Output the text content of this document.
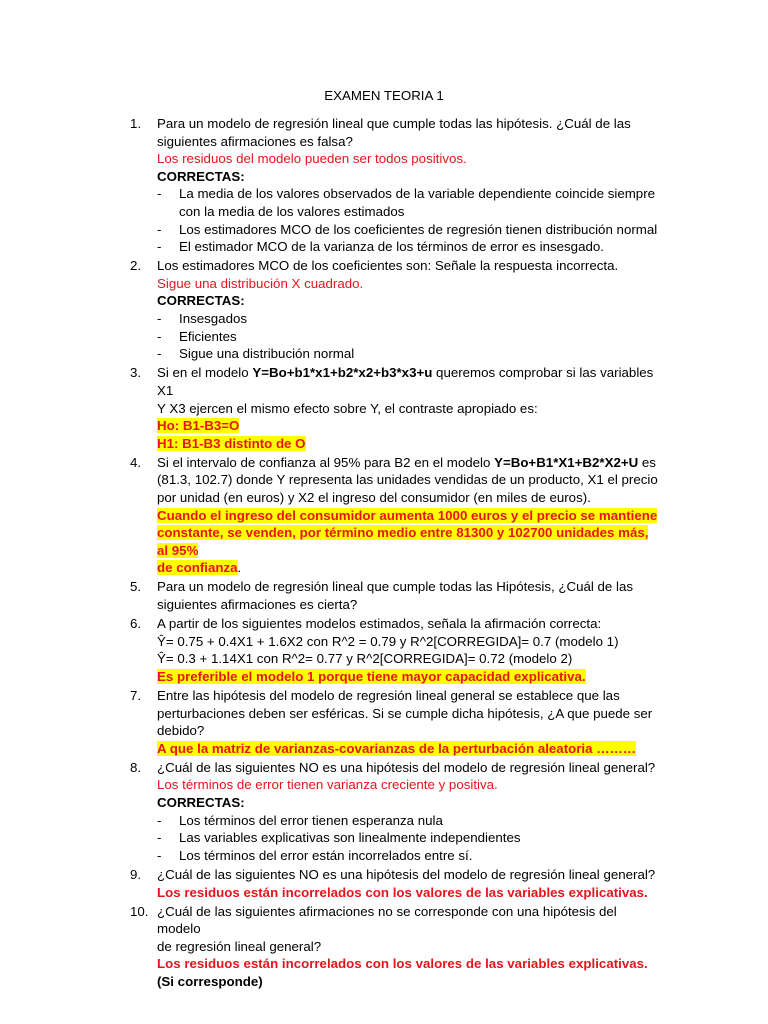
EXAMEN TEORIA 1
1.	Para un modelo de regresión lineal que cumple todas las hipótesis. ¿Cuál de las
siguientes afirmaciones es falsa?
Los residuos del modelo pueden ser todos positivos.
CORRECTAS:
- La media de los valores observados de la variable dependiente coincide siempre
con la media de los valores estimados
- Los estimadores MCO de los coeficientes de regresión tienen distribución normal
- El estimador MCO de la varianza de los términos de error es insesgado.
2.	Los estimadores MCO de los coeficientes son: Señale la respuesta incorrecta.
Sigue una distribución X cuadrado.
CORRECTAS:
- Insesgados
- Eficientes
- Sigue una distribución normal
3.	Si en el modelo Y=Bo+b1*x1+b2*x2+b3*x3+u queremos comprobar si las variables X1
Y X3 ejercen el mismo efecto sobre Y, el contraste apropiado es:
Ho: B1-B3=O
H1: B1-B3 distinto de O
4.	Si el intervalo de confianza al 95% para B2 en el modelo Y=Bo+B1*X1+B2*X2+U es
(81.3, 102.7) donde Y representa las unidades vendidas de un producto, X1 el precio
por unidad (en euros) y X2 el ingreso del consumidor (en miles de euros).
Cuando el ingreso del consumidor aumenta 1000 euros y el precio se mantiene
constante, se venden, por término medio entre 81300 y 102700 unidades más, al 95%
de confianza.
5.	Para un modelo de regresión lineal que cumple todas las Hipótesis, ¿Cuál de las
siguientes afirmaciones es cierta?
6.	A partir de los siguientes modelos estimados, señala la afirmación correcta:
Ŷ= 0.75 + 0.4X1 + 1.6X2 con R^2 = 0.79 y R^2[CORREGIDA]= 0.7 (modelo 1)
Ŷ= 0.3 + 1.14X1 con R^2= 0.77 y R^2[CORREGIDA]= 0.72 (modelo 2)
Es preferible el modelo 1 porque tiene mayor capacidad explicativa.
7.	Entre las hipótesis del modelo de regresión lineal general se establece que las
perturbaciones deben ser esféricas. Si se cumple dicha hipótesis, ¿A que puede ser
debido?
A que la matriz de varianzas-covarianzas de la perturbación aleatoria ………
8.	¿Cuál de las siguientes NO es una hipótesis del modelo de regresión lineal general?
Los términos de error tienen varianza creciente y positiva.
CORRECTAS:
- Los términos del error tienen esperanza nula
- Las variables explicativas son linealmente independientes
- Los términos del error están incorrelados entre sí.
9.	¿Cuál de las siguientes NO es una hipótesis del modelo de regresión lineal general?
Los residuos están incorrelados con los valores de las variables explicativas.
10. ¿Cuál de las siguientes afirmaciones no se corresponde con una hipótesis del modelo
de regresión lineal general?
Los residuos están incorrelados con los valores de las variables explicativas.
(Si corresponde)
